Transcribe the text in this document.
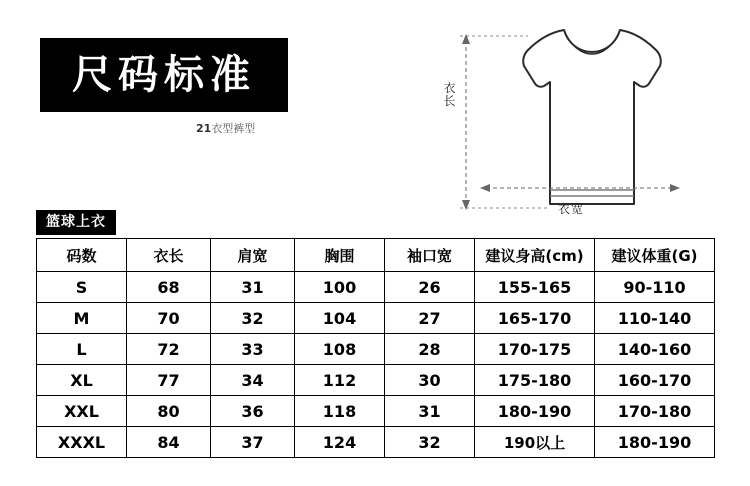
尺码标准
21衣型裤型
衣长
衣宽
篮球上衣
码数	衣长	肩宽	胸围	袖口宽	建议身高(cm)	建议体重(G)
S	68	31	100	26	155-165	90-110
M	70	32	104	27	165-170	110-140
L	72	33	108	28	170-175	140-160
XL	77	34	112	30	175-180	160-170
XXL	80	36	118	31	180-190	170-180
XXXL	84	37	124	32	190以上	180-190
